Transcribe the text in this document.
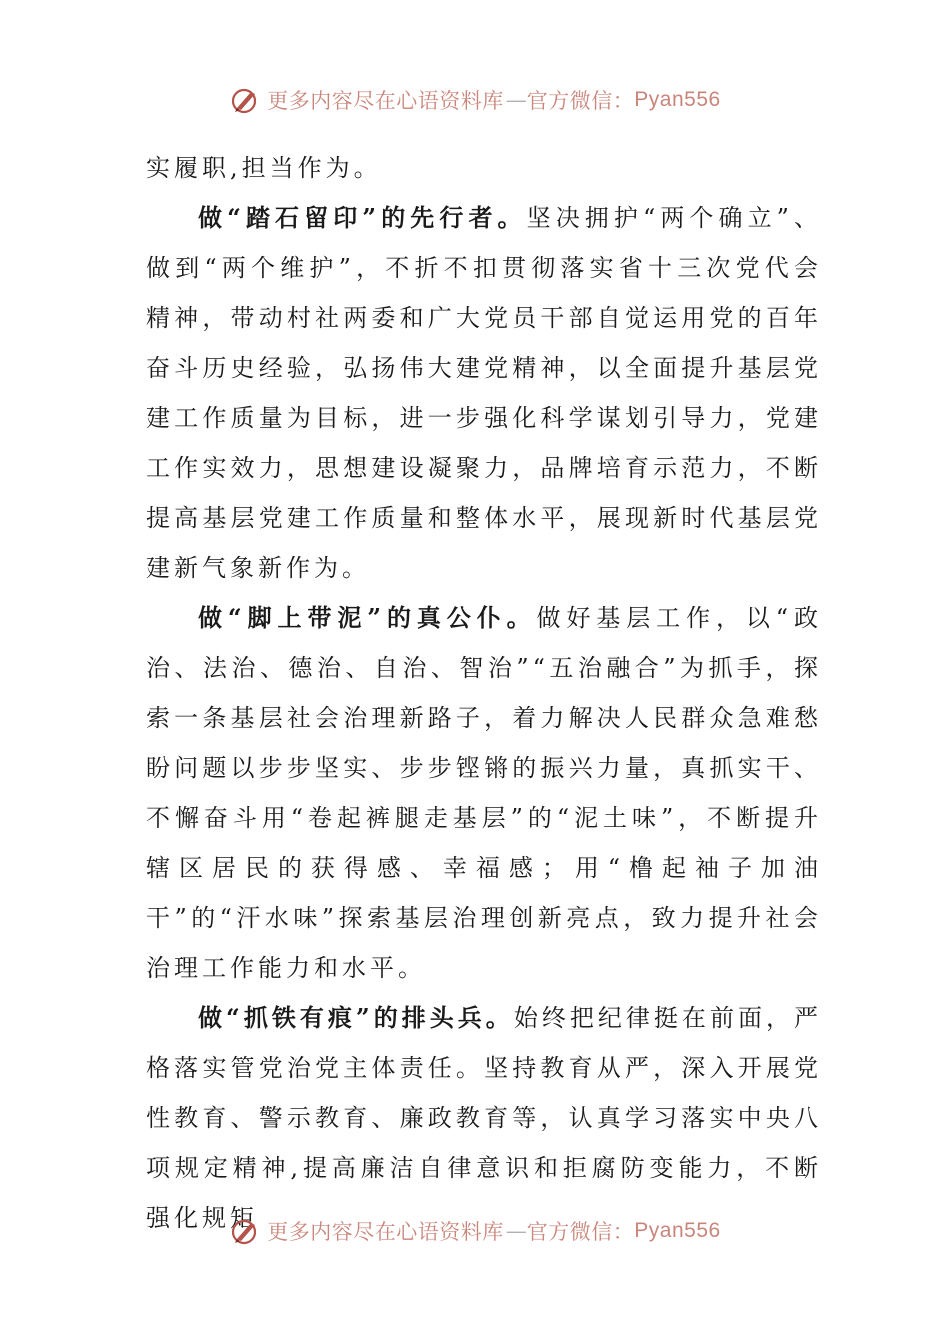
更多内容尽在心语资料库 — 官方微信： Pyan556

实履职,担当作为。

做“踏石留印”的先行者。坚决拥护“两个确立”、做到“两个维护”，不折不扣贯彻落实省十三次党代会精神，带动村社两委和广大党员干部自觉运用党的百年奋斗历史经验，弘扬伟大建党精神，以全面提升基层党建工作质量为目标，进一步强化科学谋划引导力，党建工作实效力，思想建设凝聚力，品牌培育示范力，不断提高基层党建工作质量和整体水平，展现新时代基层党建新气象新作为。

做“脚上带泥”的真公仆。做好基层工作，以“政治、法治、德治、自治、智治”“五治融合”为抓手，探索一条基层社会治理新路子，着力解决人民群众急难愁盼问题以步步坚实、步步铿锵的振兴力量，真抓实干、不懈奋斗用“卷起裤腿走基层”的“泥土味”，不断提升辖区居民的获得感、幸福感；用“橹起袖子加油干”的“汗水味”探索基层治理创新亮点，致力提升社会治理工作能力和水平。

做“抓铁有痕”的排头兵。始终把纪律挺在前面，严格落实管党治党主体责任。坚持教育从严，深入开展党性教育、警示教育、廉政教育等，认真学习落实中央八项规定精神,提高廉洁自律意识和拒腐防变能力，不断强化规矩 更多内容尽在心语资料库 — 官方微信： Pyan556
